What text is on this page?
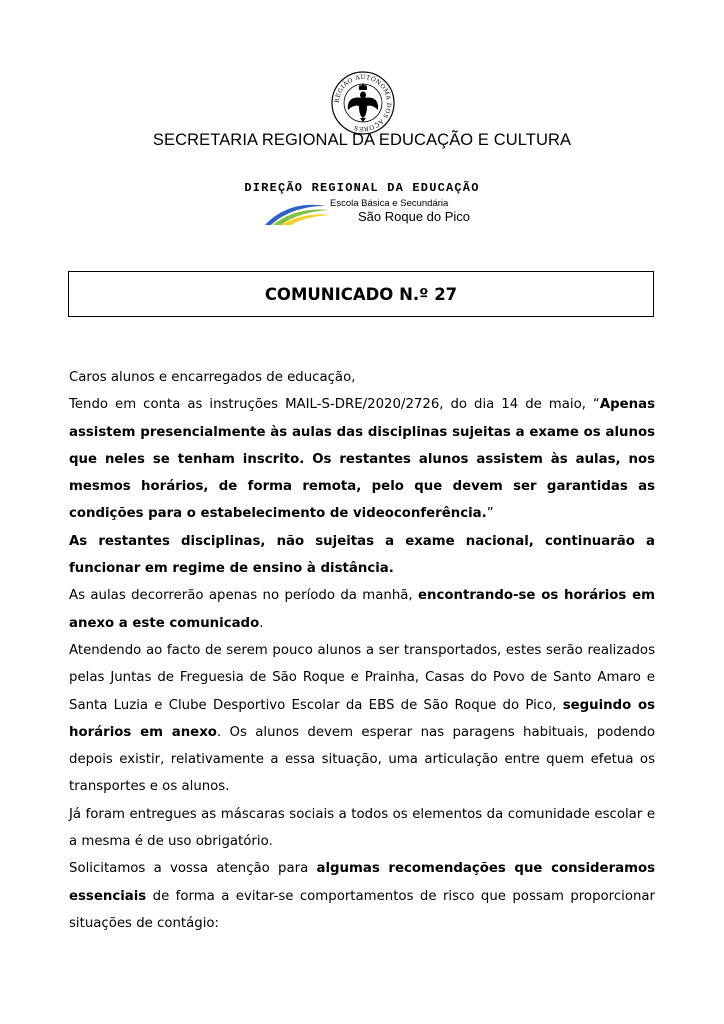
REGIÃO AUTÓNOMA DOS AÇORES
SECRETARIA REGIONAL DA EDUCAÇÃO E CULTURA
DIREÇÃO REGIONAL DA EDUCAÇÃO
Escola Básica e Secundária
São Roque do Pico
COMUNICADO N.º 27

Caros alunos e encarregados de educação,

Tendo em conta as instruções MAIL-S-DRE/2020/2726, do dia 14 de maio, “Apenas assistem presencialmente às aulas das disciplinas sujeitas a exame os alunos que neles se tenham inscrito. Os restantes alunos assistem às aulas, nos mesmos horários, de forma remota, pelo que devem ser garantidas as condições para o estabelecimento de videoconferência.”

As restantes disciplinas, não sujeitas a exame nacional, continuarão a funcionar em regime de ensino à distância.

As aulas decorrerão apenas no período da manhã, encontrando-se os horários em anexo a este comunicado.

Atendendo ao facto de serem pouco alunos a ser transportados, estes serão realizados pelas Juntas de Freguesia de São Roque e Prainha, Casas do Povo de Santo Amaro e Santa Luzia e Clube Desportivo Escolar da EBS de São Roque do Pico, seguindo os horários em anexo. Os alunos devem esperar nas paragens habituais, podendo depois existir, relativamente a essa situação, uma articulação entre quem efetua os transportes e os alunos.

Já foram entregues as máscaras sociais a todos os elementos da comunidade escolar e a mesma é de uso obrigatório.

Solicitamos a vossa atenção para algumas recomendações que consideramos essenciais de forma a evitar-se comportamentos de risco que possam proporcionar situações de contágio:
